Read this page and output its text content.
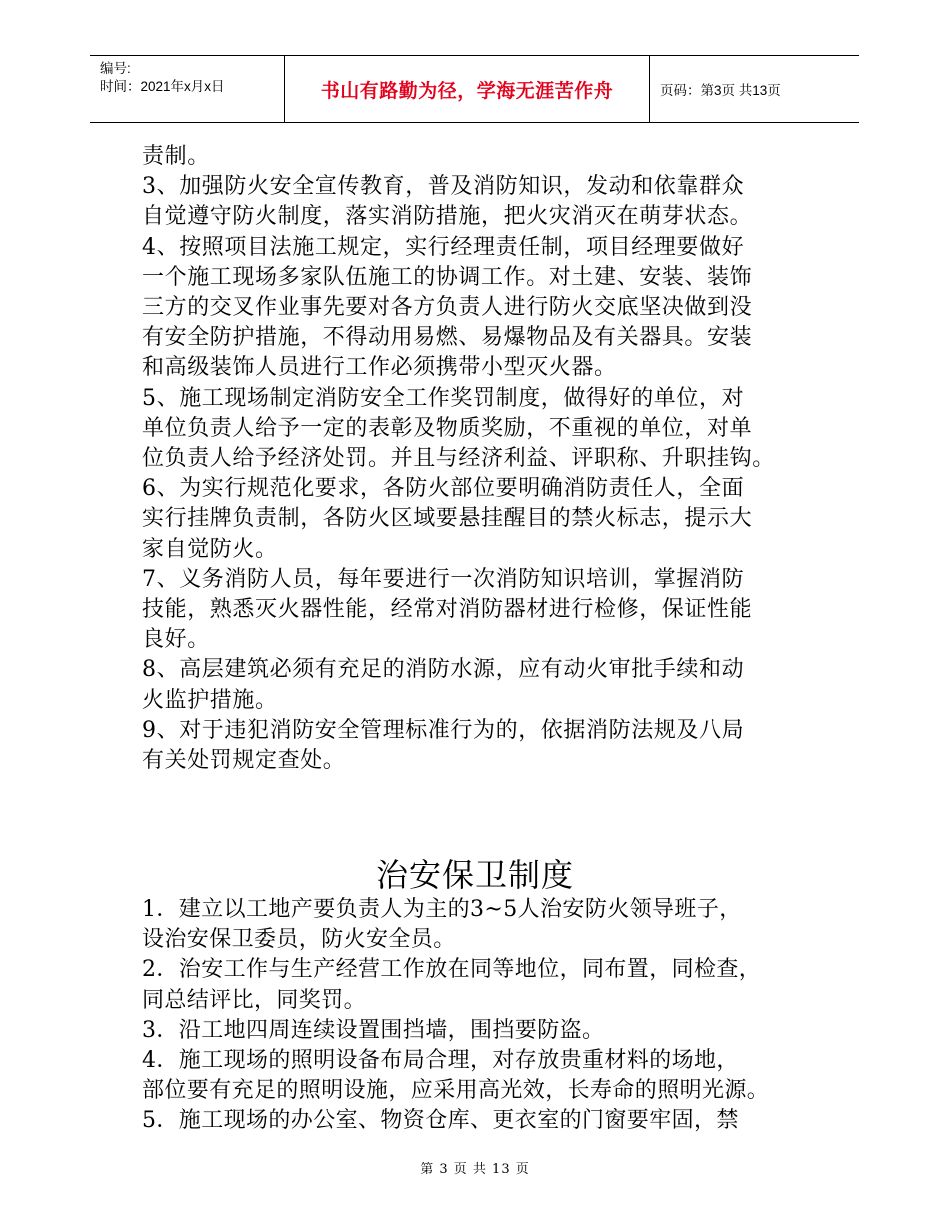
编号:
时间：2021年x月x日	书山有路勤为径，学海无涯苦作舟	页码：第3页 共13页
责制。
3、加强防火安全宣传教育，普及消防知识，发动和依靠群众
自觉遵守防火制度，落实消防措施，把火灾消灭在萌芽状态。
4、按照项目法施工规定，实行经理责任制，项目经理要做好
一个施工现场多家队伍施工的协调工作。对土建、安装、装饰
三方的交叉作业事先要对各方负责人进行防火交底坚决做到没
有安全防护措施，不得动用易燃、易爆物品及有关器具。安装
和高级装饰人员进行工作必须携带小型灭火器。
5、施工现场制定消防安全工作奖罚制度，做得好的单位，对
单位负责人给予一定的表彰及物质奖励，不重视的单位，对单
位负责人给予经济处罚。并且与经济利益、评职称、升职挂钩。
6、为实行规范化要求，各防火部位要明确消防责任人，全面
实行挂牌负责制，各防火区域要悬挂醒目的禁火标志，提示大
家自觉防火。
7、义务消防人员，每年要进行一次消防知识培训，掌握消防
技能，熟悉灭火器性能，经常对消防器材进行检修，保证性能
良好。
8、高层建筑必须有充足的消防水源，应有动火审批手续和动
火监护措施。
9、对于违犯消防安全管理标准行为的，依据消防法规及八局
有关处罚规定查处。
治安保卫制度
1．建立以工地产要负责人为主的3~5人治安防火领导班子，
设治安保卫委员，防火安全员。
2．治安工作与生产经营工作放在同等地位，同布置，同检查，
同总结评比，同奖罚。
3．沿工地四周连续设置围挡墙，围挡要防盗。
4．施工现场的照明设备布局合理，对存放贵重材料的场地，
部位要有充足的照明设施，应采用高光效，长寿命的照明光源。
5．施工现场的办公室、物资仓库、更衣室的门窗要牢固，禁
第 3 页 共 13 页
